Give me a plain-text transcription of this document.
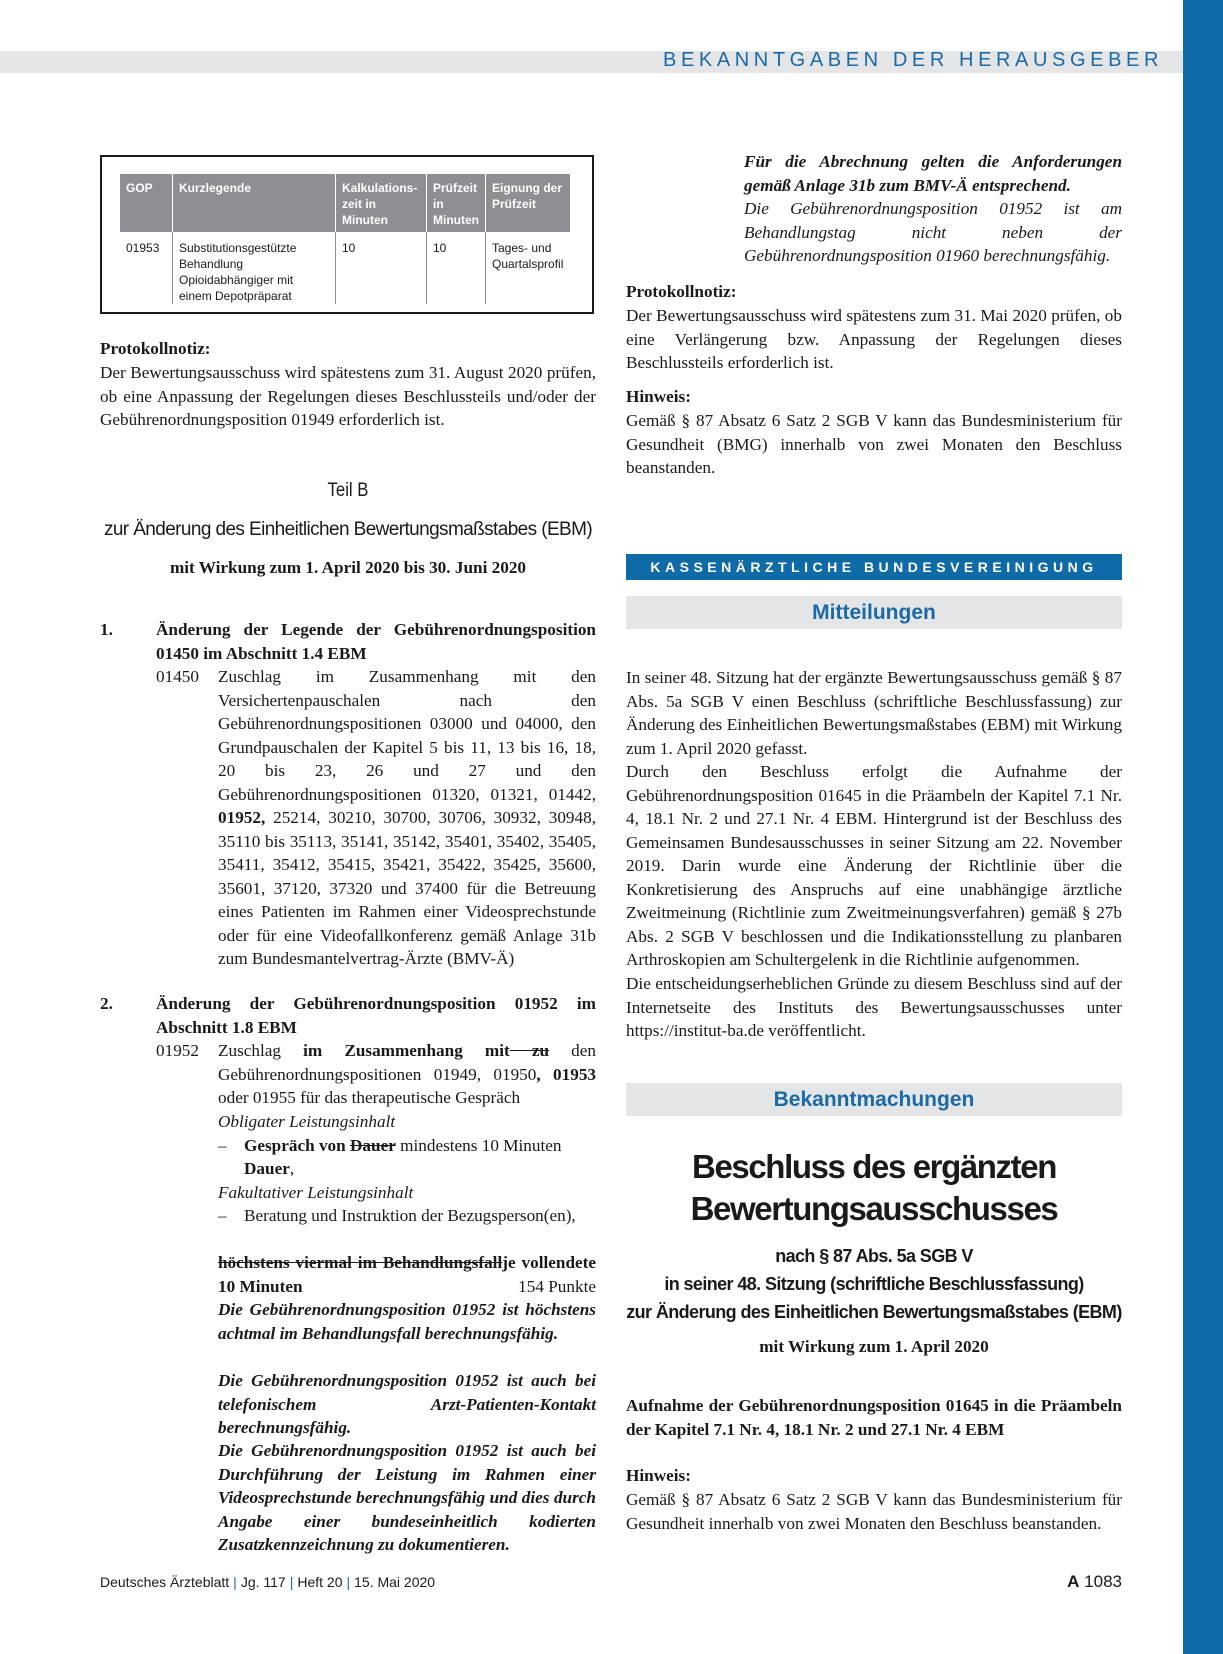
BEKANNTGABEN DER HERAUSGEBER
GOP	Kurzlegende	Kalkulations-zeit in Minuten	Prüfzeit in Minuten	Eignung der Prüfzeit
01953	Substitutionsgestützte Behandlung Opioidabhängiger mit einem Depotpräparat	10	10	Tages- und Quartalsprofil

Protokollnotiz:

Der Bewertungsausschuss wird spätestens zum 31. August 2020 prüfen, ob eine Anpassung der Regelungen dieses Beschlussteils und/oder der Gebührenordnungsposition 01949 erforderlich ist.

Teil B
zur Änderung des Einheitlichen Bewertungsmaßstabes (EBM)
mit Wirkung zum 1. April 2020 bis 30. Juni 2020
1.	Änderung der Legende der Gebührenordnungsposition 01450 im Abschnitt 1.4 EBM

01450 Zuschlag im Zusammenhang mit den Versichertenpauschalen nach den Gebührenordnungspositionen 03000 und 04000, den Grundpauschalen der Kapitel 5 bis 11, 13 bis 16, 18, 20 bis 23, 26 und 27 und den Gebührenordnungspositionen 01320, 01321, 01442, 01952, 25214, 30210, 30700, 30706, 30932, 30948, 35110 bis 35113, 35141, 35142, 35401, 35402, 35405, 35411, 35412, 35415, 35421, 35422, 35425, 35600, 35601, 37120, 37320 und 37400 für die Betreuung eines Patienten im Rahmen einer Videosprechstunde oder für eine Videofallkonferenz gemäß Anlage 31b zum Bundesmantelvertrag-Ärzte (BMV-Ä)

2.	Änderung der Gebührenordnungsposition 01952 im Abschnitt 1.8 EBM

01952 Zuschlag im Zusammenhang mit zu den Gebührenordnungspositionen 01949, 01950, 01953 oder 01955 für das therapeutische Gespräch

Obligater Leistungsinhalt

– Gespräch von Dauer mindestens 10 Minuten

Dauer,

Fakultativer Leistungsinhalt

– Beratung und Instruktion der Bezugsperson(en),

höchstens viermal im Behandlungsfallje vollendete 10 Minuten	154 Punkte

Die Gebührenordnungsposition 01952 ist höchstens achtmal im Behandlungsfall berechnungsfähig.

Die Gebührenordnungsposition 01952 ist auch bei telefonischem Arzt-Patienten-Kontakt berechnungsfähig.

Die Gebührenordnungsposition 01952 ist auch bei Durchführung der Leistung im Rahmen einer Videosprechstunde berechnungsfähig und dies durch Angabe einer bundeseinheitlich kodierten Zusatzkennzeichnung zu dokumentieren.

Für die Abrechnung gelten die Anforderungen gemäß Anlage 31b zum BMV-Ä entsprechend.

Die Gebührenordnungsposition 01952 ist am Behandlungstag nicht neben der Gebührenordnungsposition 01960 berechnungsfähig.

Protokollnotiz:

Der Bewertungsausschuss wird spätestens zum 31. Mai 2020 prüfen, ob eine Verlängerung bzw. Anpassung der Regelungen dieses Beschlussteils erforderlich ist.

Hinweis:

Gemäß § 87 Absatz 6 Satz 2 SGB V kann das Bundesministerium für Gesundheit (BMG) innerhalb von zwei Monaten den Beschluss beanstanden.

KASSENÄRZTLICHE BUNDESVEREINIGUNG
Mitteilungen

In seiner 48. Sitzung hat der ergänzte Bewertungsausschuss gemäß § 87 Abs. 5a SGB V einen Beschluss (schriftliche Beschlussfassung) zur Änderung des Einheitlichen Bewertungsmaßstabes (EBM) mit Wirkung zum 1. April 2020 gefasst.

Durch den Beschluss erfolgt die Aufnahme der Gebührenordnungsposition 01645 in die Präambeln der Kapitel 7.1 Nr. 4, 18.1 Nr. 2 und 27.1 Nr. 4 EBM. Hintergrund ist der Beschluss des Gemeinsamen Bundesausschusses in seiner Sitzung am 22. November 2019. Darin wurde eine Änderung der Richtlinie über die Konkretisierung des Anspruchs auf eine unabhängige ärztliche Zweitmeinung (Richtlinie zum Zweitmeinungsverfahren) gemäß § 27b Abs. 2 SGB V beschlossen und die Indikationsstellung zu planbaren Arthroskopien am Schultergelenk in die Richtlinie aufgenommen.

Die entscheidungserheblichen Gründe zu diesem Beschluss sind auf der Internetseite des Instituts des Bewertungsausschusses unter https://institut-ba.de veröffentlicht.

Bekanntmachungen
Beschluss des ergänzten
Bewertungsausschusses
nach § 87 Abs. 5a SGB V
in seiner 48. Sitzung (schriftliche Beschlussfassung)
zur Änderung des Einheitlichen Bewertungsmaßstabes (EBM)
mit Wirkung zum 1. April 2020

Aufnahme der Gebührenordnungsposition 01645 in die Präambeln der Kapitel 7.1 Nr. 4, 18.1 Nr. 2 und 27.1 Nr. 4 EBM

Hinweis:

Gemäß § 87 Absatz 6 Satz 2 SGB V kann das Bundesministerium für Gesundheit innerhalb von zwei Monaten den Beschluss beanstanden.

Deutsches Ärzteblatt | Jg. 117 | Heft 20 | 15. Mai 2020	A 1083
